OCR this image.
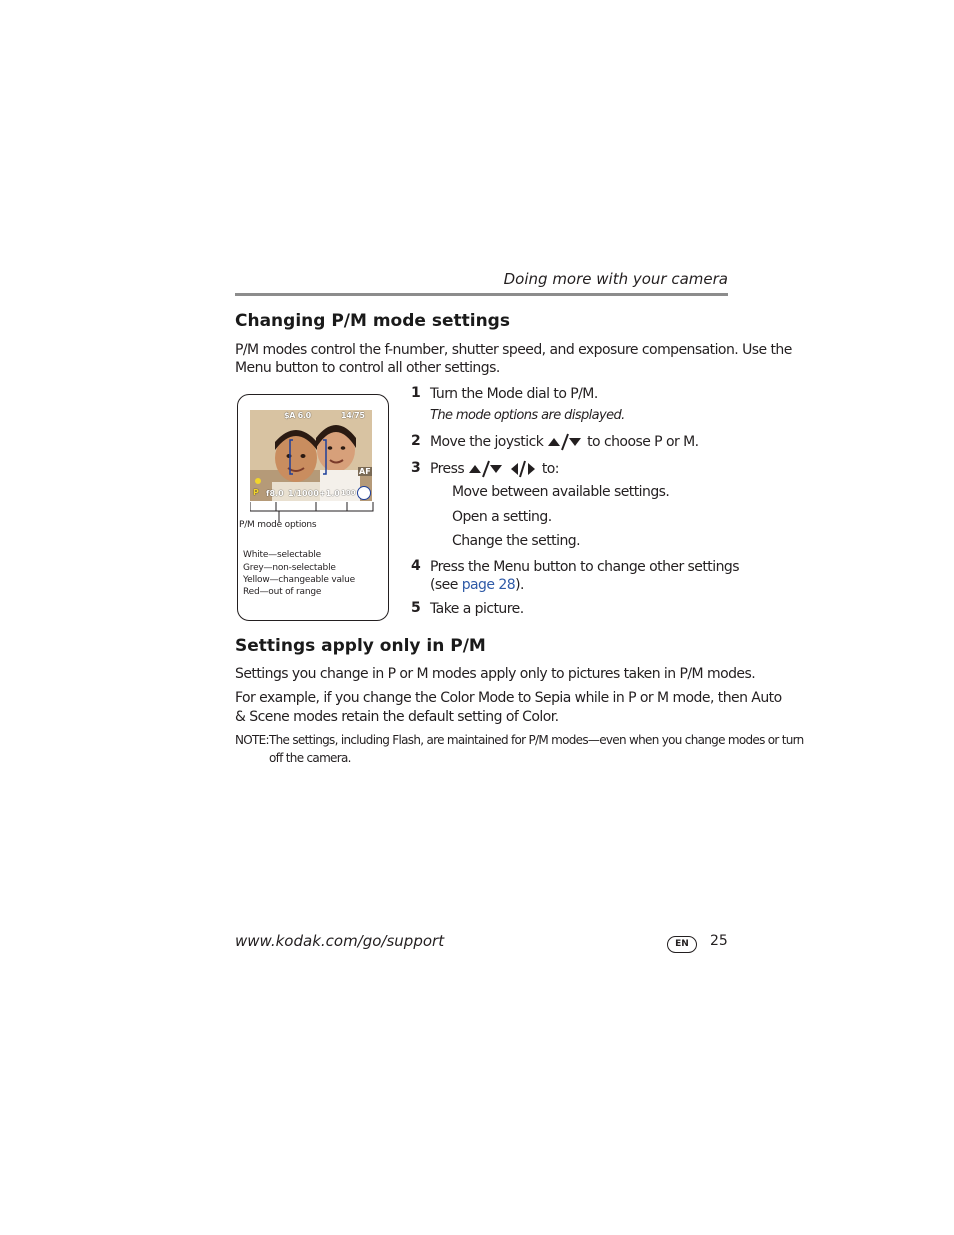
Doing more with your camera
Changing P/M mode settings
P/M modes control the f-number, shutter speed, and exposure compensation. Use the
Menu button to control all other settings.
$A 6.0	14/75
AF
P f8.0 1/1000 +1.0 100
P/M mode options
White—selectable
Grey—non-selectable
Yellow—changeable value
Red—out of range
1 Turn the Mode dial to P/M.
The mode options are displayed.
2 Move the joystick	to choose P or M.
3 Press	to:
Move between available settings.
Open a setting.
Change the setting.
4 Press the Menu button to change other settings
(see page 28).
5 Take a picture.
Settings apply only in P/M
Settings you change in P or M modes apply only to pictures taken in P/M modes.
For example, if you change the Color Mode to Sepia while in P or M mode, then Auto
& Scene modes retain the default setting of Color.
NOTE: The settings, including Flash, are maintained for P/M modes—even when you change modes or turn
off the camera.
www.kodak.com/go/support	EN	25
